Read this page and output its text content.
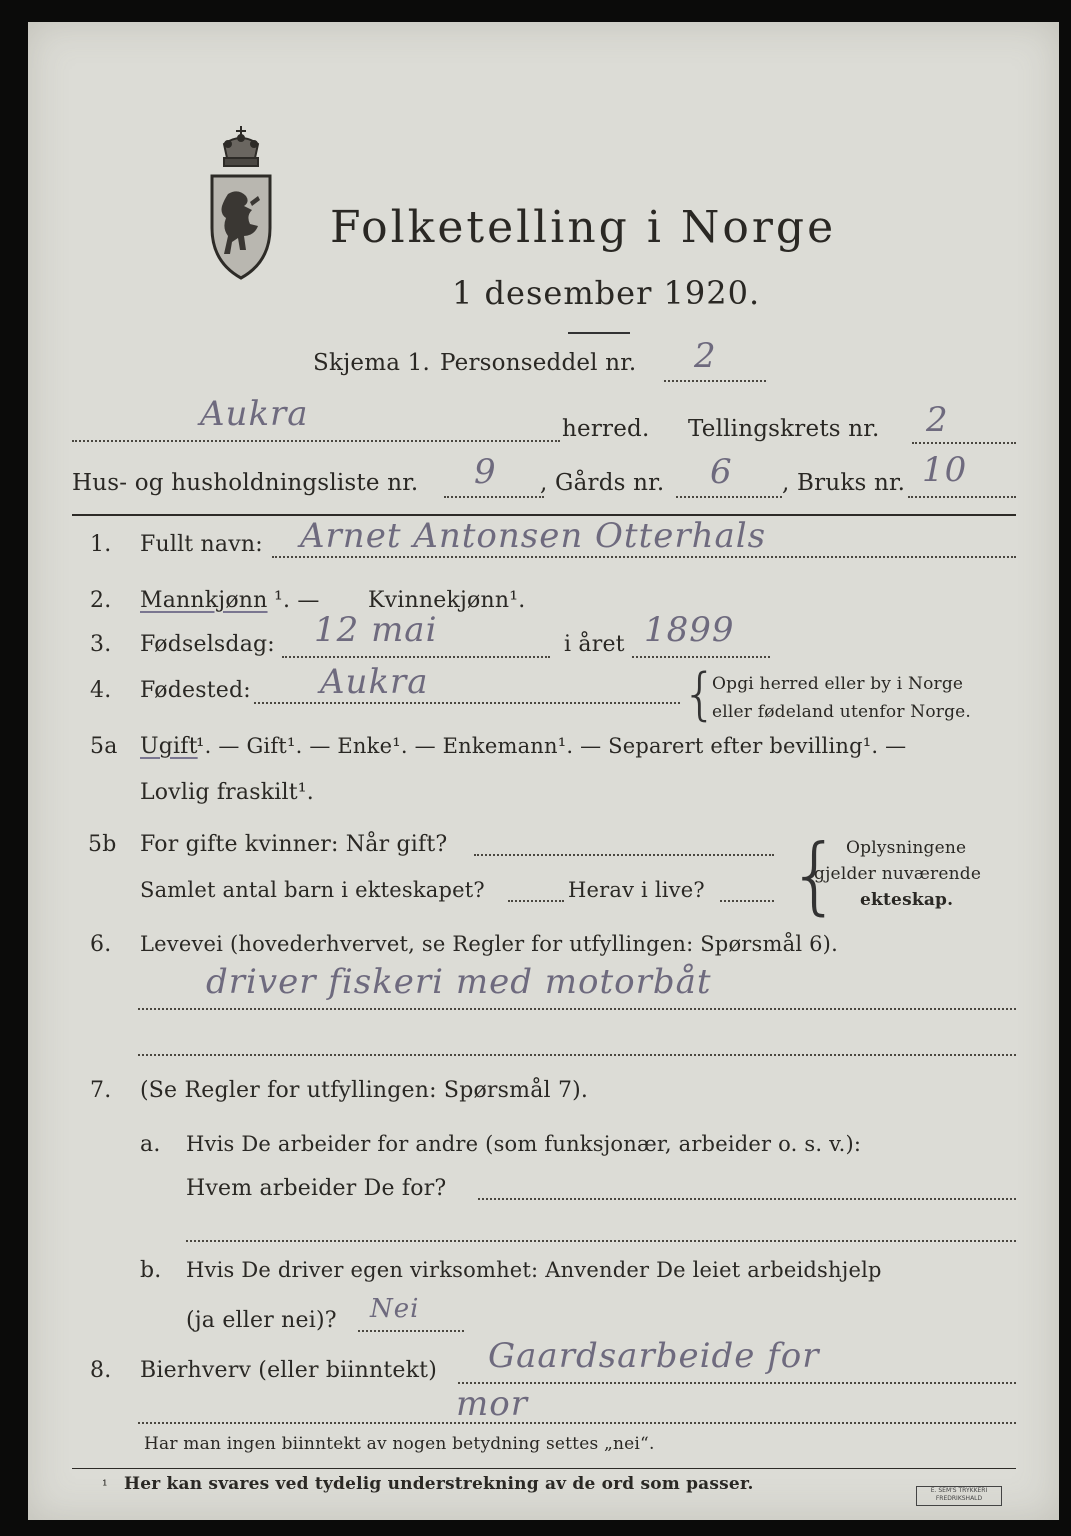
Folketelling i Norge
1 desember 1920.
Skjema 1. Personseddel nr. 2
Aukra	herred. Tellingskrets nr. 2
Hus- og husholdningsliste nr. 9 , Gårds nr. 6 , Bruks nr. 10
1. Fullt navn: Arnet Antonsen Otterhals
2. Mannkjønn ¹. — Kvinnekjønn¹.
3. Fødselsdag: 12 mai	i året 1899
4. Fødested: Aukra	{
Opgi herred eller by i Norge
eller fødeland utenfor Norge.
5a Ugift
¹. — Gift¹. — Enke¹. — Enkemann¹. — Separert efter bevilling¹. —
Lovlig fraskilt¹.
5b For gifte kvinner: Når gift?
Samlet antal barn i ekteskapet?	Herav i live? { Oplysningene
gjelder nuværende
ekteskap.
6. Levevei (hovederhvervet, se Regler for utfyllingen: Spørsmål 6).
driver fiskeri med motorbåt
7. (Se Regler for utfyllingen: Spørsmål 7).
a. Hvis De arbeider for andre (som funksjonær, arbeider o. s. v.):
Hvem arbeider De for?
b. Hvis De driver egen virksomhet: Anvender De leiet arbeidshjelp
(ja eller nei)? Nei
8. Bierhverv (eller biinntekt) Gaardsarbeide for
mor
Har man ingen biinntekt av nogen betydning settes „nei“.
¹ Her kan svares ved tydelig understrekning av de ord som passer.	E. SEM'S TRYKKERI FREDRIKSHALD
